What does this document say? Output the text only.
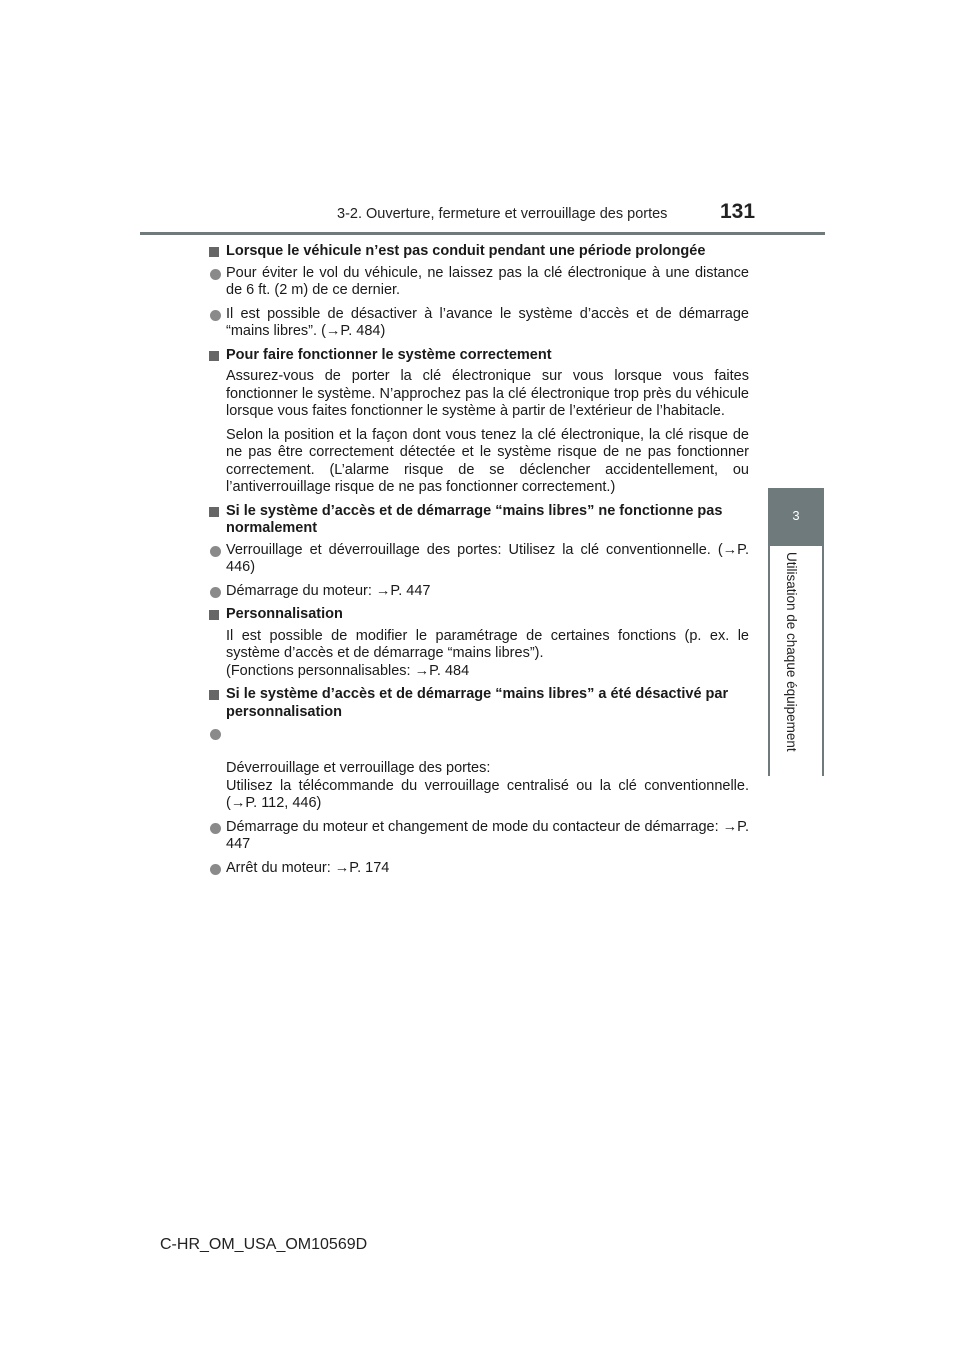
3-2. Ouverture, fermeture et verrouillage des portes	131
3
Utilisation de chaque équipement
Lorsque le véhicule n’est pas conduit pendant une période prolongée
Pour éviter le vol du véhicule, ne laissez pas la clé électronique à une distance de 6 ft. (2 m) de ce dernier.
Il est possible de désactiver à l’avance le système d’accès et de démarrage “mains libres”. (→P. 484)
Pour faire fonctionner le système correctement
Assurez-vous de porter la clé électronique sur vous lorsque vous faites fonctionner le système. N’approchez pas la clé électronique trop près du véhicule lorsque vous faites fonctionner le système à partir de l’extérieur de l’habitacle.
Selon la position et la façon dont vous tenez la clé électronique, la clé risque de ne pas être correctement détectée et le système risque de ne pas fonctionner correctement. (L’alarme risque de se déclencher accidentellement, ou l’antiverrouillage risque de ne pas fonctionner correctement.)
Si le système d’accès et de démarrage “mains libres” ne fonctionne pas normalement
Verrouillage et déverrouillage des portes: Utilisez la clé conventionnelle. (→P. 446)
Démarrage du moteur: →P. 447
Personnalisation
Il est possible de modifier le paramétrage de certaines fonctions (p. ex. le système d’accès et de démarrage “mains libres”).
(Fonctions personnalisables: →P. 484
Si le système d’accès et de démarrage “mains libres” a été désactivé par personnalisation

Déverrouillage et verrouillage des portes:
Utilisez la télécommande du verrouillage centralisé ou la clé conventionnelle. (→P. 112, 446)

Démarrage du moteur et changement de mode du contacteur de démarrage: →P. 447
Arrêt du moteur: →P. 174
C-HR_OM_USA_OM10569D
